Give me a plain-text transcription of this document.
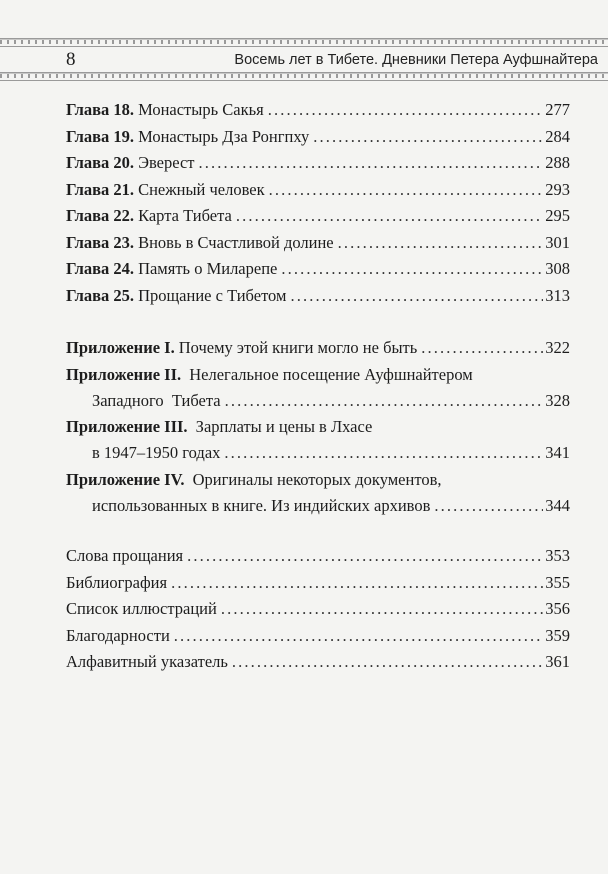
8	Восемь лет в Тибете. Дневники Петера Ауфшнайтера
Глава 18. Монастырь Сакья . . .	277
Глава 19. Монастырь Дза Ронгпху . . .	284
Глава 20. Эверест . . .	288
Глава 21. Снежный человек . . .	293
Глава 22. Карта Тибета . . .	295
Глава 23. Вновь в Счастливой долине . . .	301
Глава 24. Память о Миларепе . . .	308
Глава 25. Прощание с Тибетом . . .	313
Приложение I. Почему этой книги могло не быть . . .	322
Приложение II. Нелегальное посещение Ауфшнайтером
Западного  Тибета . . .	328
Приложение III. Зарплаты и цены в Лхасе
в 1947–1950 годах . . .	341
Приложение IV. Оригиналы некоторых документов,
использованных в книге. Из индийских архивов . . .	344
Слова прощания . . .	353
Библиография . . .	355
Список иллюстраций . . .	356
Благодарности . . .	359
Алфавитный указатель . . .	361
